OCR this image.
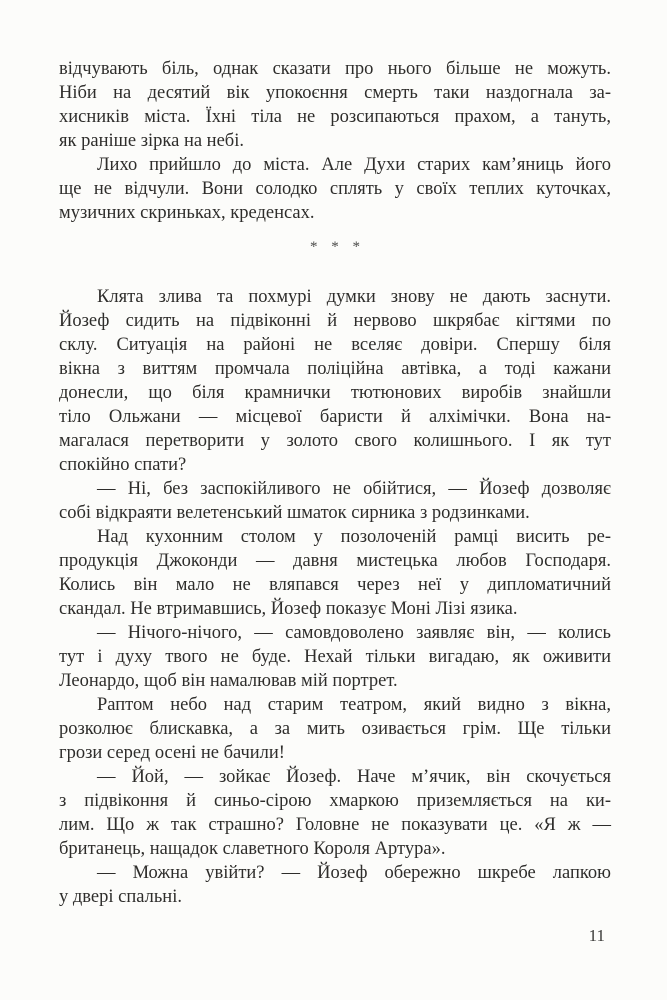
відчувають біль, однак сказати про нього більше не можуть.
Ніби на десятий вік упокоєння смерть таки наздогнала за-
хисників міста. Їхні тіла не розсипаються прахом, а тануть,
як раніше зірка на небі.

Лихо прийшло до міста. Але Духи старих кам’яниць його
ще не відчули. Вони солодко сплять у своїх теплих куточках,
музичних скриньках, креденсах.

* * *

Клята злива та похмурі думки знову не дають заснути.
Йозеф сидить на підвіконні й нервово шкрябає кігтями по
склу. Ситуація на районі не вселяє довіри. Спершу біля
вікна з виттям промчала поліційна автівка, а тоді кажани
донесли, що біля крамнички тютюнових виробів знайшли
тіло Ольжани — місцевої баристи й алхімічки. Вона на-
магалася перетворити у золото свого колишнього. І як тут
спокійно спати?

— Ні, без заспокійливого не обійтися, — Йозеф дозволяє
собі відкраяти велетенський шматок сирника з родзинками.

Над кухонним столом у позолоченій рамці висить ре-
продукція Джоконди — давня мистецька любов Господаря.
Колись він мало не вляпався через неї у дипломатичний
скандал. Не втримавшись, Йозеф показує Моні Лізі язика.

— Нічого-нічого, — самовдоволено заявляє він, — колись
тут і духу твого не буде. Нехай тільки вигадаю, як оживити
Леонардо, щоб він намалював мій портрет.

Раптом небо над старим театром, який видно з вікна,
розколює блискавка, а за мить озивається грім. Ще тільки
грози серед осені не бачили!

— Йой, — зойкає Йозеф. Наче м’ячик, він скочується
з підвіконня й синьо-сірою хмаркою приземляється на ки-
лим. Що ж так страшно? Головне не показувати це. «Я ж —
британець, нащадок славетного Короля Артура».

— Можна увійти? — Йозеф обережно шкребе лапкою
у двері спальні.

11
